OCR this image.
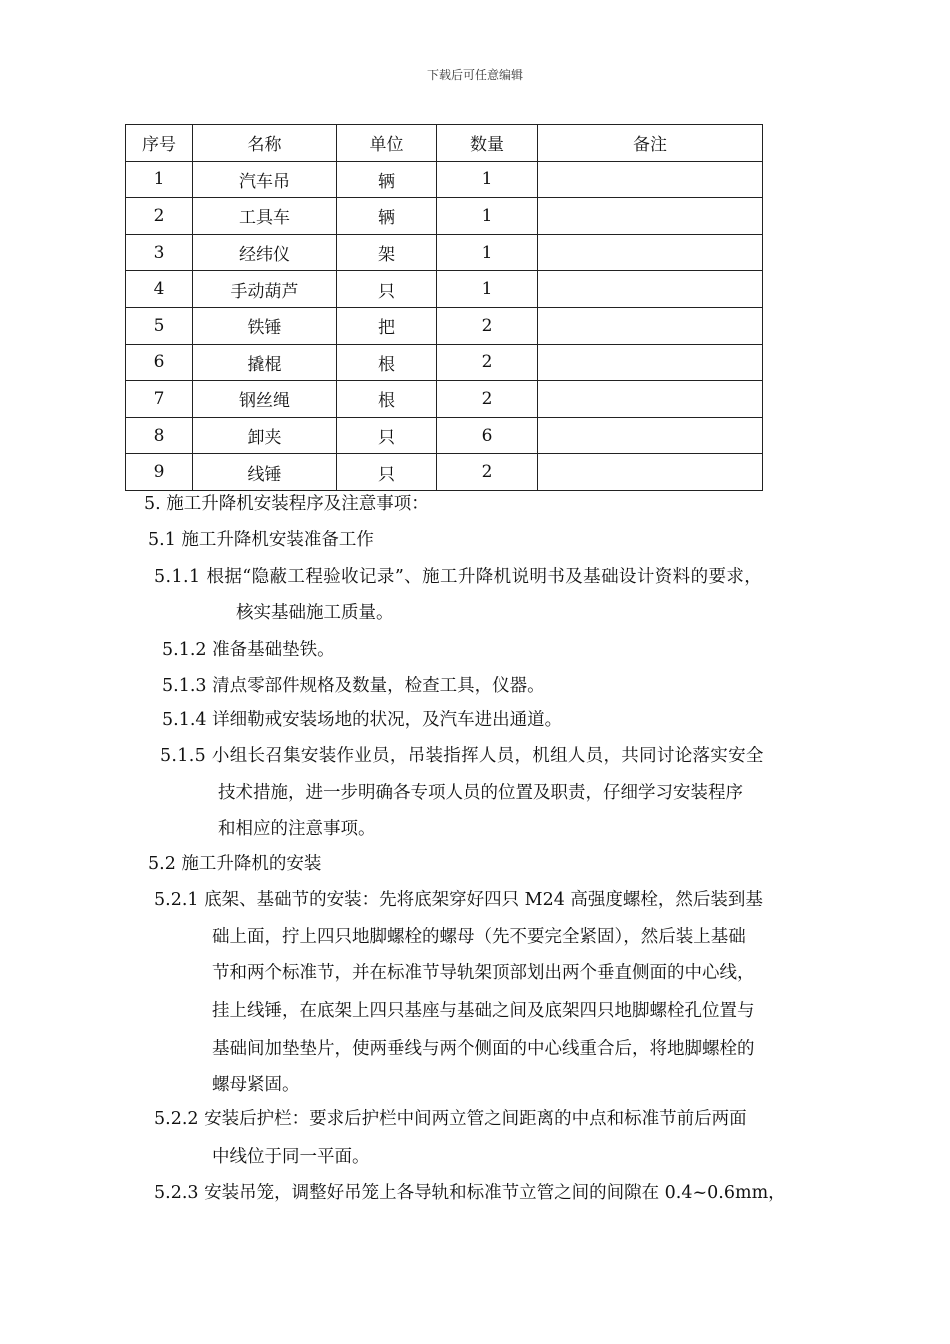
下载后可任意编辑
序号	名称	单位	数量	备注
1	汽车吊	辆	1	
2	工具车	辆	1	
3	经纬仪	架	1	
4	手动葫芦	只	1	
5	铁锤	把	2	
6	撬棍	根	2	
7	钢丝绳	根	2	
8	卸夹	只	6	
9	线锤	只	2	
5. 施工升降机安装程序及注意事项：
5.1 施工升降机安装准备工作
5.1.1 根据“隐蔽工程验收记录”、施工升降机说明书及基础设计资料的要求，
核实基础施工质量。
5.1.2 准备基础垫铁。
5.1.3 清点零部件规格及数量，检查工具，仪器。
5.1.4 详细勒戒安装场地的状况，及汽车进出通道。
5.1.5 小组长召集安装作业员，吊装指挥人员，机组人员，共同讨论落实安全
技术措施，进一步明确各专项人员的位置及职责，仔细学习安装程序
和相应的注意事项。
5.2 施工升降机的安装
5.2.1 底架、基础节的安装：先将底架穿好四只 M24 高强度螺栓，然后装到基
础上面，拧上四只地脚螺栓的螺母（先不要完全紧固），然后装上基础
节和两个标准节，并在标准节导轨架顶部划出两个垂直侧面的中心线，
挂上线锤，在底架上四只基座与基础之间及底架四只地脚螺栓孔位置与
基础间加垫垫片，使两垂线与两个侧面的中心线重合后，将地脚螺栓的
螺母紧固。
5.2.2 安装后护栏：要求后护栏中间两立管之间距离的中点和标准节前后两面
中线位于同一平面。
5.2.3 安装吊笼，调整好吊笼上各导轨和标准节立管之间的间隙在 0.4~0.6mm，
